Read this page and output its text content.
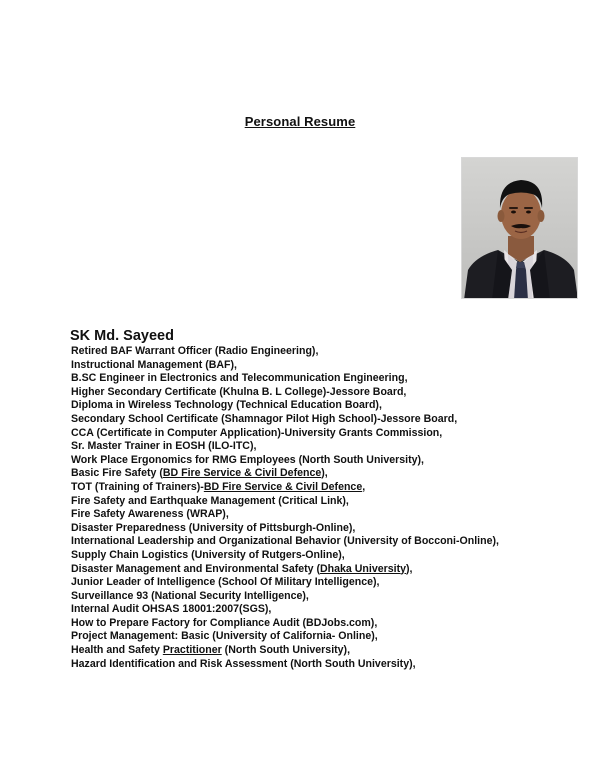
Personal Resume
SK Md. Sayeed
Retired BAF Warrant Officer (Radio Engineering),
Instructional Management (BAF),
B.SC Engineer in Electronics and Telecommunication Engineering,
Higher Secondary Certificate (Khulna B. L College)-Jessore Board,
Diploma in Wireless Technology (Technical Education Board),
Secondary School Certificate (Shamnagor Pilot High School)-Jessore Board,
CCA (Certificate in Computer Application)-University Grants Commission,
Sr. Master Trainer in EOSH (ILO-ITC),
Work Place Ergonomics for RMG Employees (North South University),
Basic Fire Safety (BD Fire Service & Civil Defence),
TOT (Training of Trainers)-BD Fire Service & Civil Defence,
Fire Safety and Earthquake Management (Critical Link),
Fire Safety Awareness (WRAP),
Disaster Preparedness (University of Pittsburgh-Online),
International Leadership and Organizational Behavior (University of Bocconi-Online),
Supply Chain Logistics (University of Rutgers-Online),
Disaster Management and Environmental Safety (Dhaka University),
Junior Leader of Intelligence (School Of Military Intelligence),
Surveillance 93 (National Security Intelligence),
Internal Audit OHSAS 18001:2007(SGS),
How to Prepare Factory for Compliance Audit (BDJobs.com),
Project Management: Basic (University of California- Online),
Health and Safety Practitioner (North South University),
Hazard Identification and Risk Assessment (North South University),
